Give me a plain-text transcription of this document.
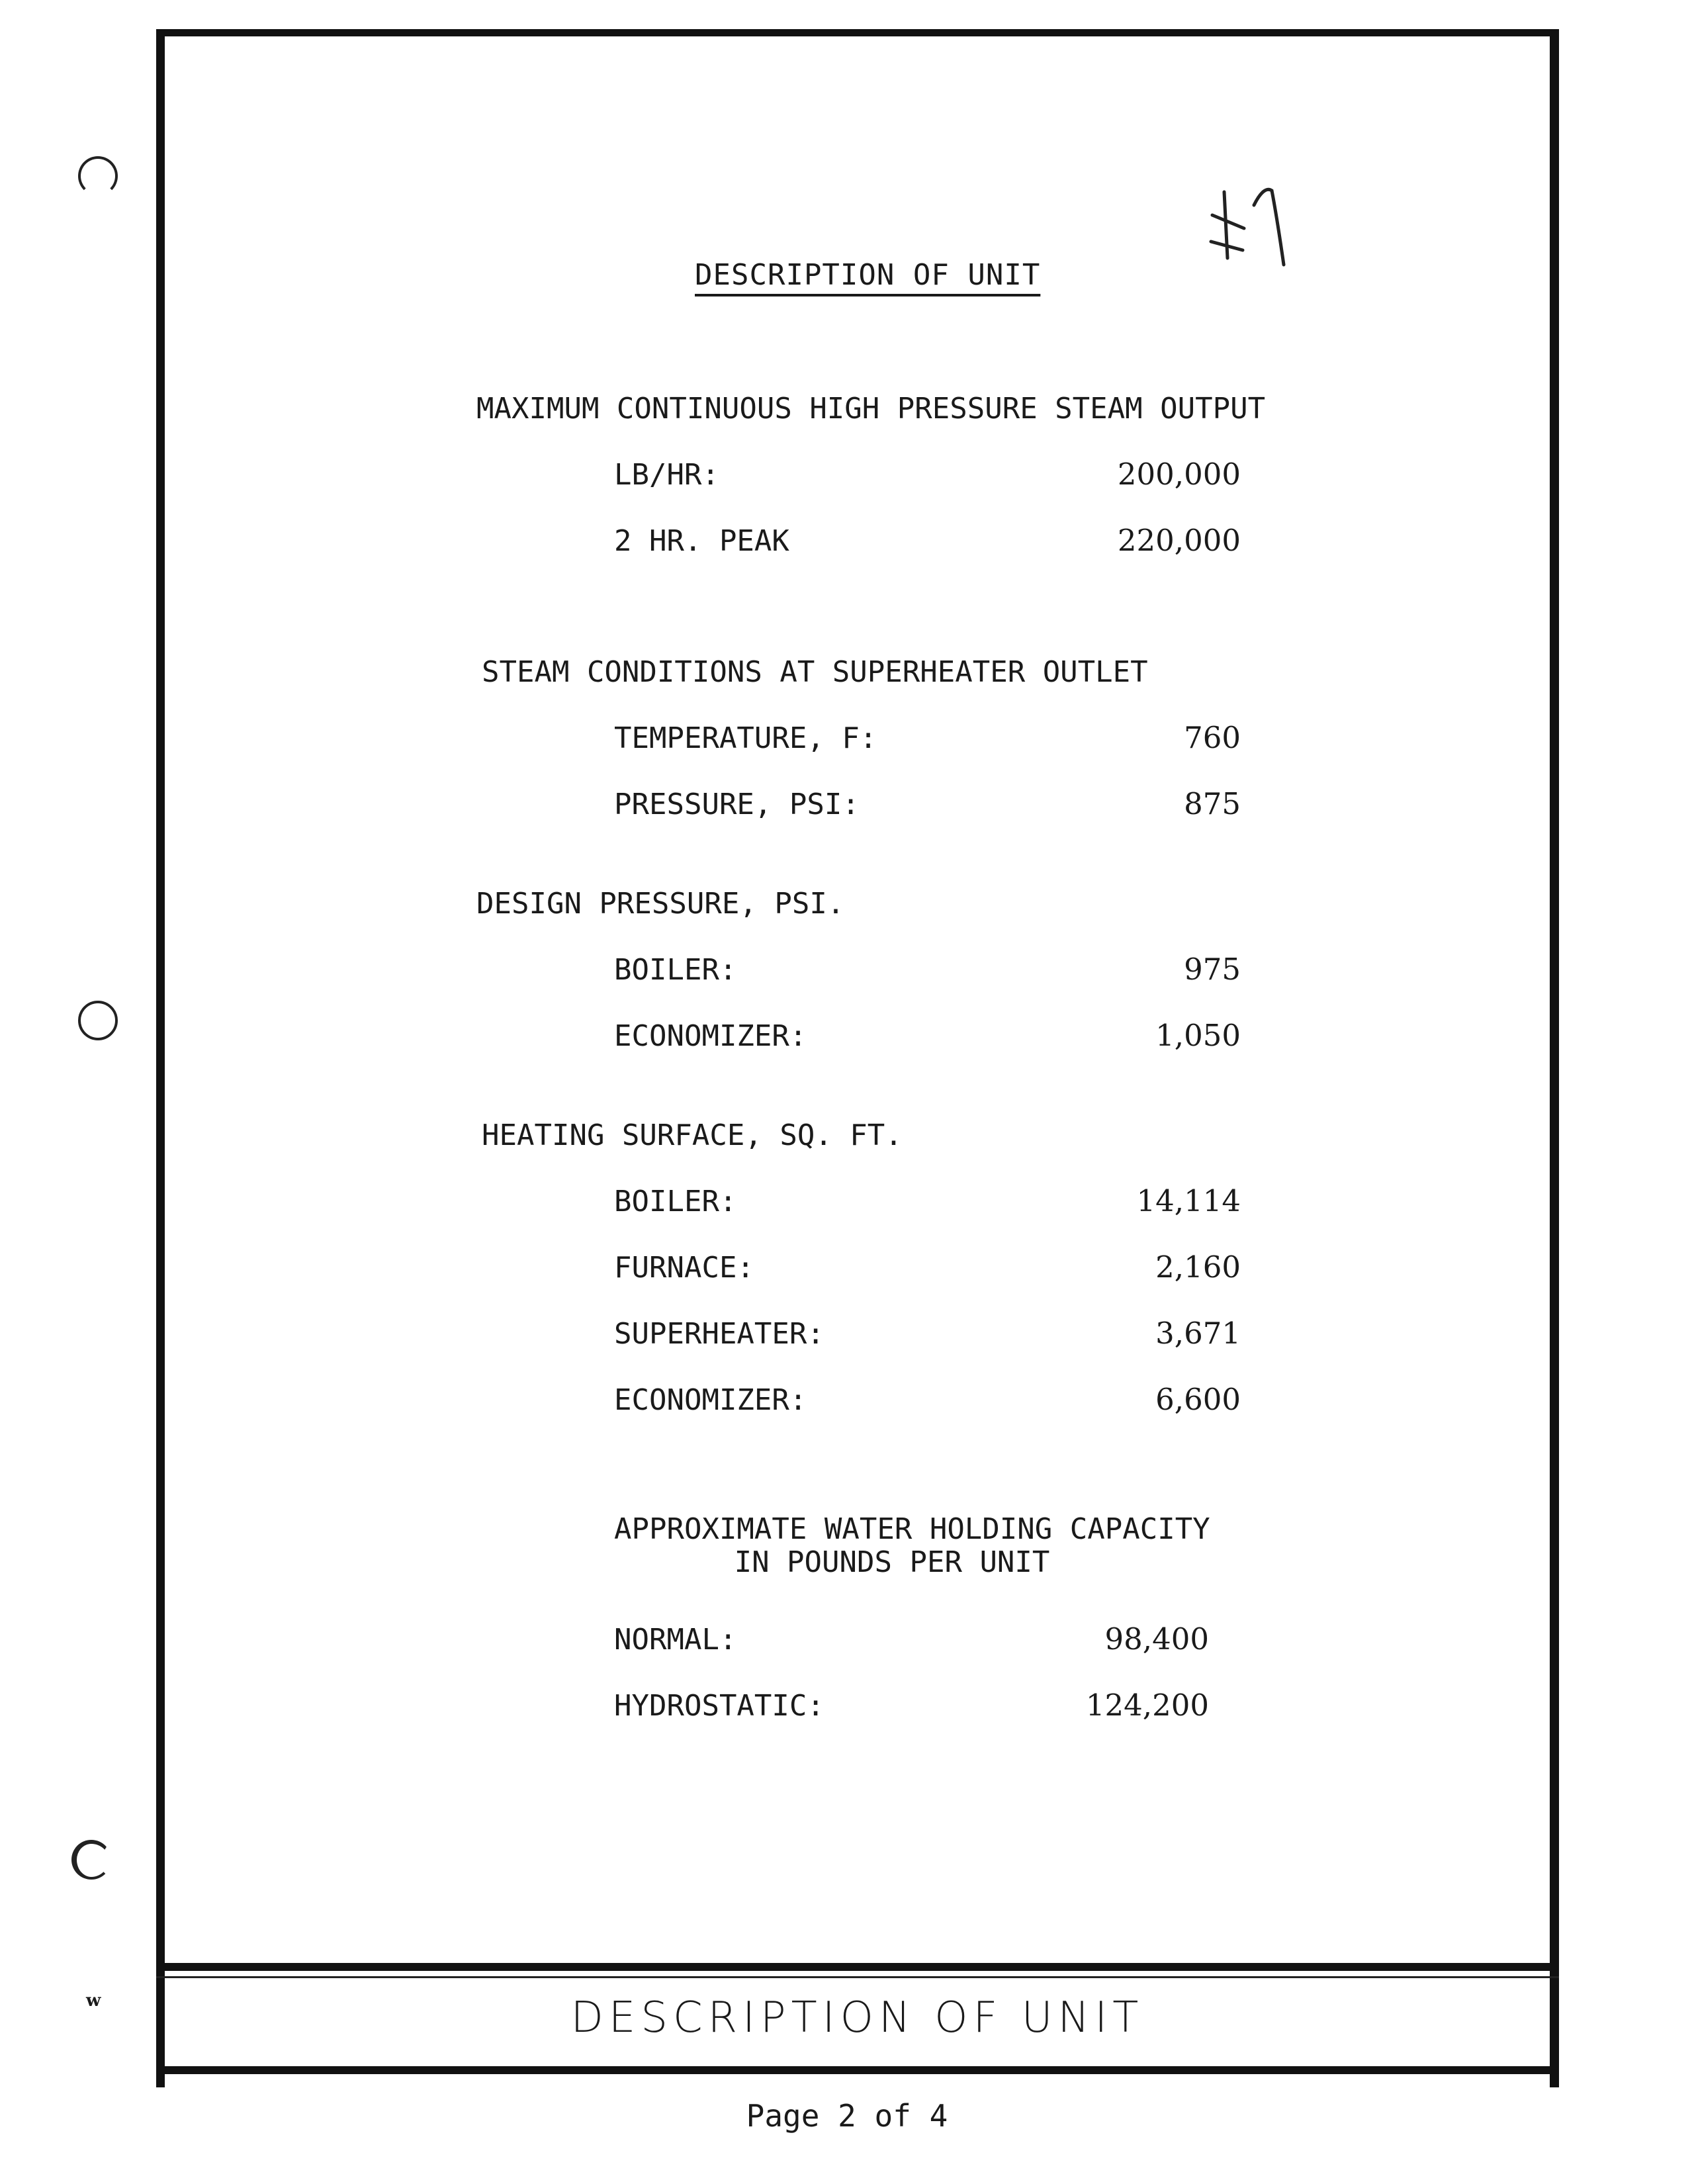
w
DESCRIPTION OF UNIT
MAXIMUM CONTINUOUS HIGH PRESSURE STEAM OUTPUT
LB/HR:	200,000
2 HR. PEAK	220,000
STEAM CONDITIONS AT SUPERHEATER OUTLET
TEMPERATURE, F:	760
PRESSURE, PSI:	875
DESIGN PRESSURE, PSI.
BOILER:	975
ECONOMIZER:	1,050
HEATING SURFACE, SQ. FT.
BOILER:	14,114
FURNACE:	2,160
SUPERHEATER:	3,671
ECONOMIZER:	6,600
APPROXIMATE WATER HOLDING CAPACITY
IN POUNDS PER UNIT
NORMAL:	98,400
HYDROSTATIC:	124,200
DESCRIPTION OF UNIT
Page 2 of 4
